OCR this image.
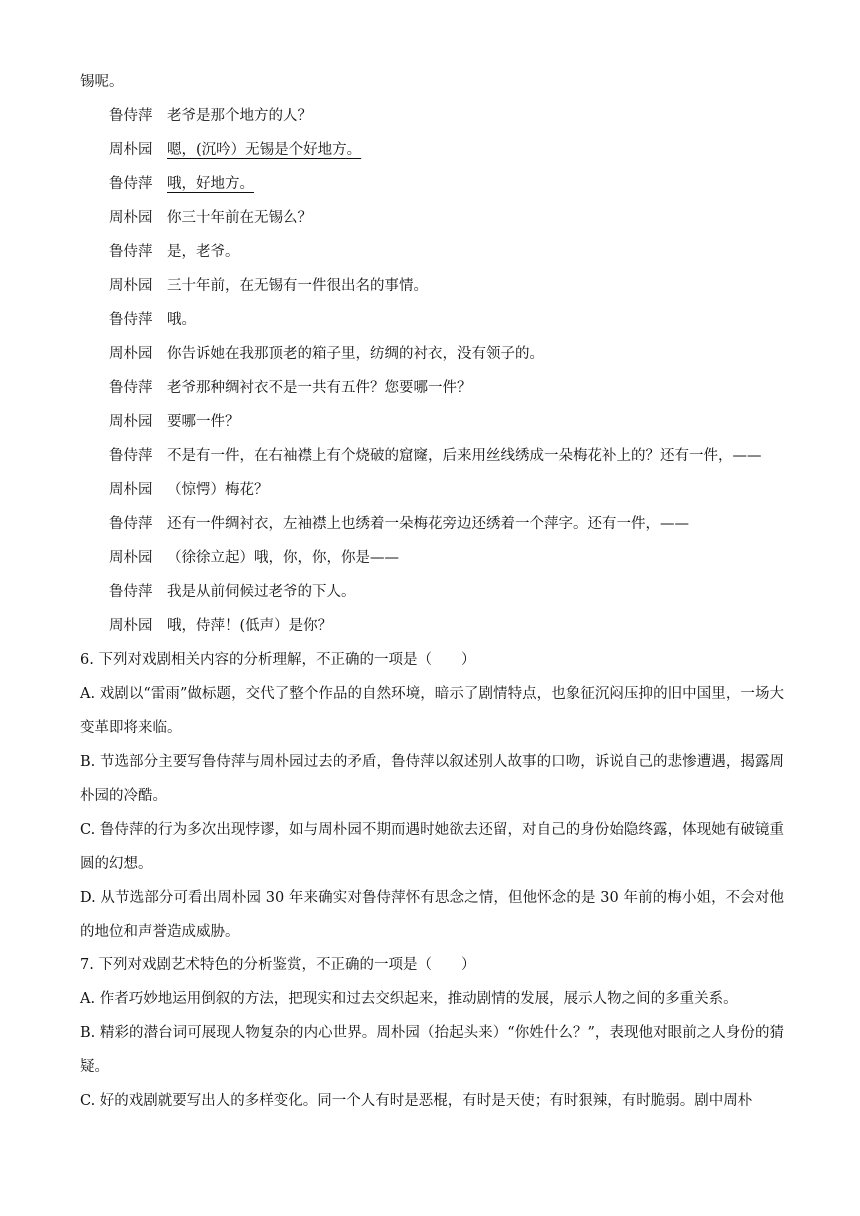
锡呢。
鲁侍萍 老爷是那个地方的人？
周朴园 嗯，(沉吟）无锡是个好地方。
鲁侍萍 哦，好地方。
周朴园 你三十年前在无锡么？
鲁侍萍 是，老爷。
周朴园 三十年前，在无锡有一件很出名的事情。
鲁侍萍 哦。
周朴园 你告诉她在我那顶老的箱子里，纺绸的衬衣，没有领子的。
鲁侍萍 老爷那种绸衬衣不是一共有五件？您要哪一件？
周朴园 要哪一件？
鲁侍萍 不是有一件，在右袖襟上有个烧破的窟窿，后来用丝线绣成一朵梅花补上的？还有一件，——
周朴园 （惊愕）梅花？
鲁侍萍 还有一件绸衬衣，左袖襟上也绣着一朵梅花旁边还绣着一个萍字。还有一件，——
周朴园 （徐徐立起）哦，你，你，你是——
鲁侍萍 我是从前伺候过老爷的下人。
周朴园 哦，侍萍！(低声）是你？
6. 下列对戏剧相关内容的分析理解，不正确的一项是（　　）
A. 戏剧以“雷雨”做标题，交代了整个作品的自然环境，暗示了剧情特点，也象征沉闷压抑的旧中国里，一场大变革即将来临。
B. 节选部分主要写鲁侍萍与周朴园过去的矛盾，鲁侍萍以叙述别人故事的口吻，诉说自己的悲惨遭遇，揭露周朴园的冷酷。
C. 鲁侍萍的行为多次出现悖谬，如与周朴园不期而遇时她欲去还留，对自己的身份始隐终露，体现她有破镜重圆的幻想。
D. 从节选部分可看出周朴园 30 年来确实对鲁侍萍怀有思念之情，但他怀念的是 30 年前的梅小姐，不会对他的地位和声誉造成威胁。
7. 下列对戏剧艺术特色的分析鉴赏，不正确的一项是（　　）
A. 作者巧妙地运用倒叙的方法，把现实和过去交织起来，推动剧情的发展，展示人物之间的多重关系。
B. 精彩的潜台词可展现人物复杂的内心世界。周朴园（抬起头来）“你姓什么？”，表现他对眼前之人身份的猜疑。
C. 好的戏剧就要写出人的多样变化。同一个人有时是恶棍，有时是天使；有时狠辣，有时脆弱。剧中周朴
